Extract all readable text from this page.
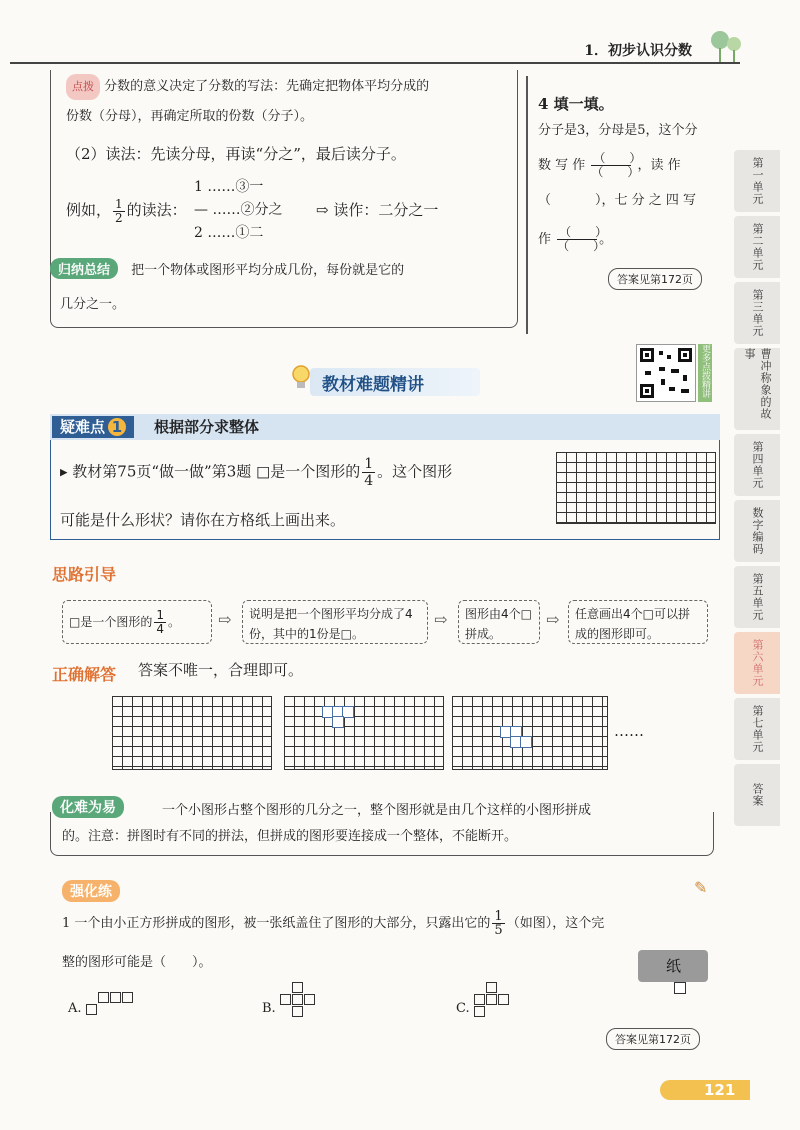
1．初步认识分数
第一单元
第二单元
第三单元
曹冲称象的故事
第四单元
数字编码
第五单元
第六单元
第七单元
答案
点拨 分数的意义决定了分数的写法：先确定把物体平均分成的
份数（分母），再确定所取的份数（分子）。
（2）读法：先读分母，再读“分之”，最后读分子。
例如， $\frac{1}{2}$ 的读法：
1 ……③一
— ……②分之
2 ……①二
⇨ 读作：二分之一
归纳总结 把一个物体或图形平均分成几份，每份就是它的
几分之一。
4 填一填。
分子是3，分母是5，这个分
数 写 作 $\frac{( )}{( )}$ ，读 作
（	），七 分 之 四 写
作 $\frac{( )}{( )}$ 。
答案见第172页
教材难题精讲	更多点拨精讲
疑难点 1	根据部分求整体
▸ 教材第75页“做一做”第3题 □是一个图形的 $\frac{1}{4}$ 。这个图形
可能是什么形状？请你在方格纸上画出来。
思路引导
□是一个图形的 $\frac{1}{4}$ 。	⇨	说明是把一个图形平均分成了4份，其中的1份是□。
⇨	图形由4个□拼成。
⇨	任意画出4个□可以拼成的图形即可。
正确解答 答案不唯一，合理即可。
……
化难为易	一个小图形占整个图形的几分之一，整个图形就是由几个这样的小图形拼成
的。注意：拼图时有不同的拼法，但拼成的图形要连接成一个整体，不能断开。
强化练	✎
1 一个由小正方形拼成的图形，被一张纸盖住了图形的大部分，只露出它的 $\frac{1}{5}$ （如图），这个完
整的图形可能是（　　）。	纸
A.	B.	C.
答案见第172页
121
